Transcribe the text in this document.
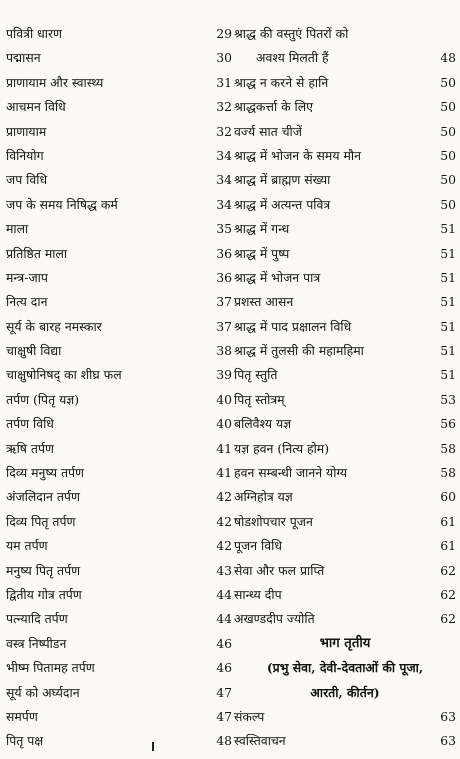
पवित्री धारण	29
पद्मासन	30
प्राणायाम और स्वास्थ्य	31
आचमन विधि	32
प्राणायाम	32
विनियोग	34
जप विधि	34
जप के समय निषिद्ध कर्म	34
माला	35
प्रतिष्ठित माला	36
मन्त्र-जाप	36
नित्य दान	37
सूर्य के बारह नमस्कार	37
चाक्षुषी विद्या	38
चाक्षुषोनिषद् का शीघ्र फल	39
तर्पण (पितृ यज्ञ)	40
तर्पण विधि	40
ऋषि तर्पण	41
दिव्य मनुष्य तर्पण	41
अंजलिदान तर्पण	42
दिव्य पितृ तर्पण	42
यम तर्पण	42
मनुष्य पितृ तर्पण	43
द्वितीय गोत्र तर्पण	44
पत्न्यादि तर्पण	44
वस्त्र निष्पीडन	46
भीष्म पितामह तर्पण	46
सूर्य को अर्घ्यदान	47
समर्पण	47
पितृ पक्ष	48
श्राद्ध की वस्तुएं पितरों को
अवश्य मिलती हैं	48
श्राद्ध न करने से हानि	50
श्राद्धकर्त्ता के लिए	50
वर्ज्य सात चीजें	50
श्राद्ध में भोजन के समय मौन	50
श्राद्ध में ब्राह्मण संख्या	50
श्राद्ध में अत्यन्त पवित्र	50
श्राद्ध में गन्ध	51
श्राद्ध में पुष्प	51
श्राद्ध में भोजन पात्र	51
प्रशस्त आसन	51
श्राद्ध में पाद प्रक्षालन विधि	51
श्राद्ध में तुलसी की महामहिमा	51
पितृ स्तुति	51
पितृ स्तोत्रम्	53
बलिवैश्य यज्ञ	56
यज्ञ हवन (नित्य होम)	58
हवन सम्बन्धी जानने योग्य	58
अग्निहोत्र यज्ञ	60
षोडशोपचार पूजन	61
पूजन विधि	61
सेवा और फल प्राप्ति	62
सान्ध्य दीप	62
अखण्डदीप ज्योति	62
भाग तृतीय
(प्रभु सेवा, देवी-देवताओं की पूजा,
आरती, कीर्तन)
संकल्प	63
स्वस्तिवाचन	63
